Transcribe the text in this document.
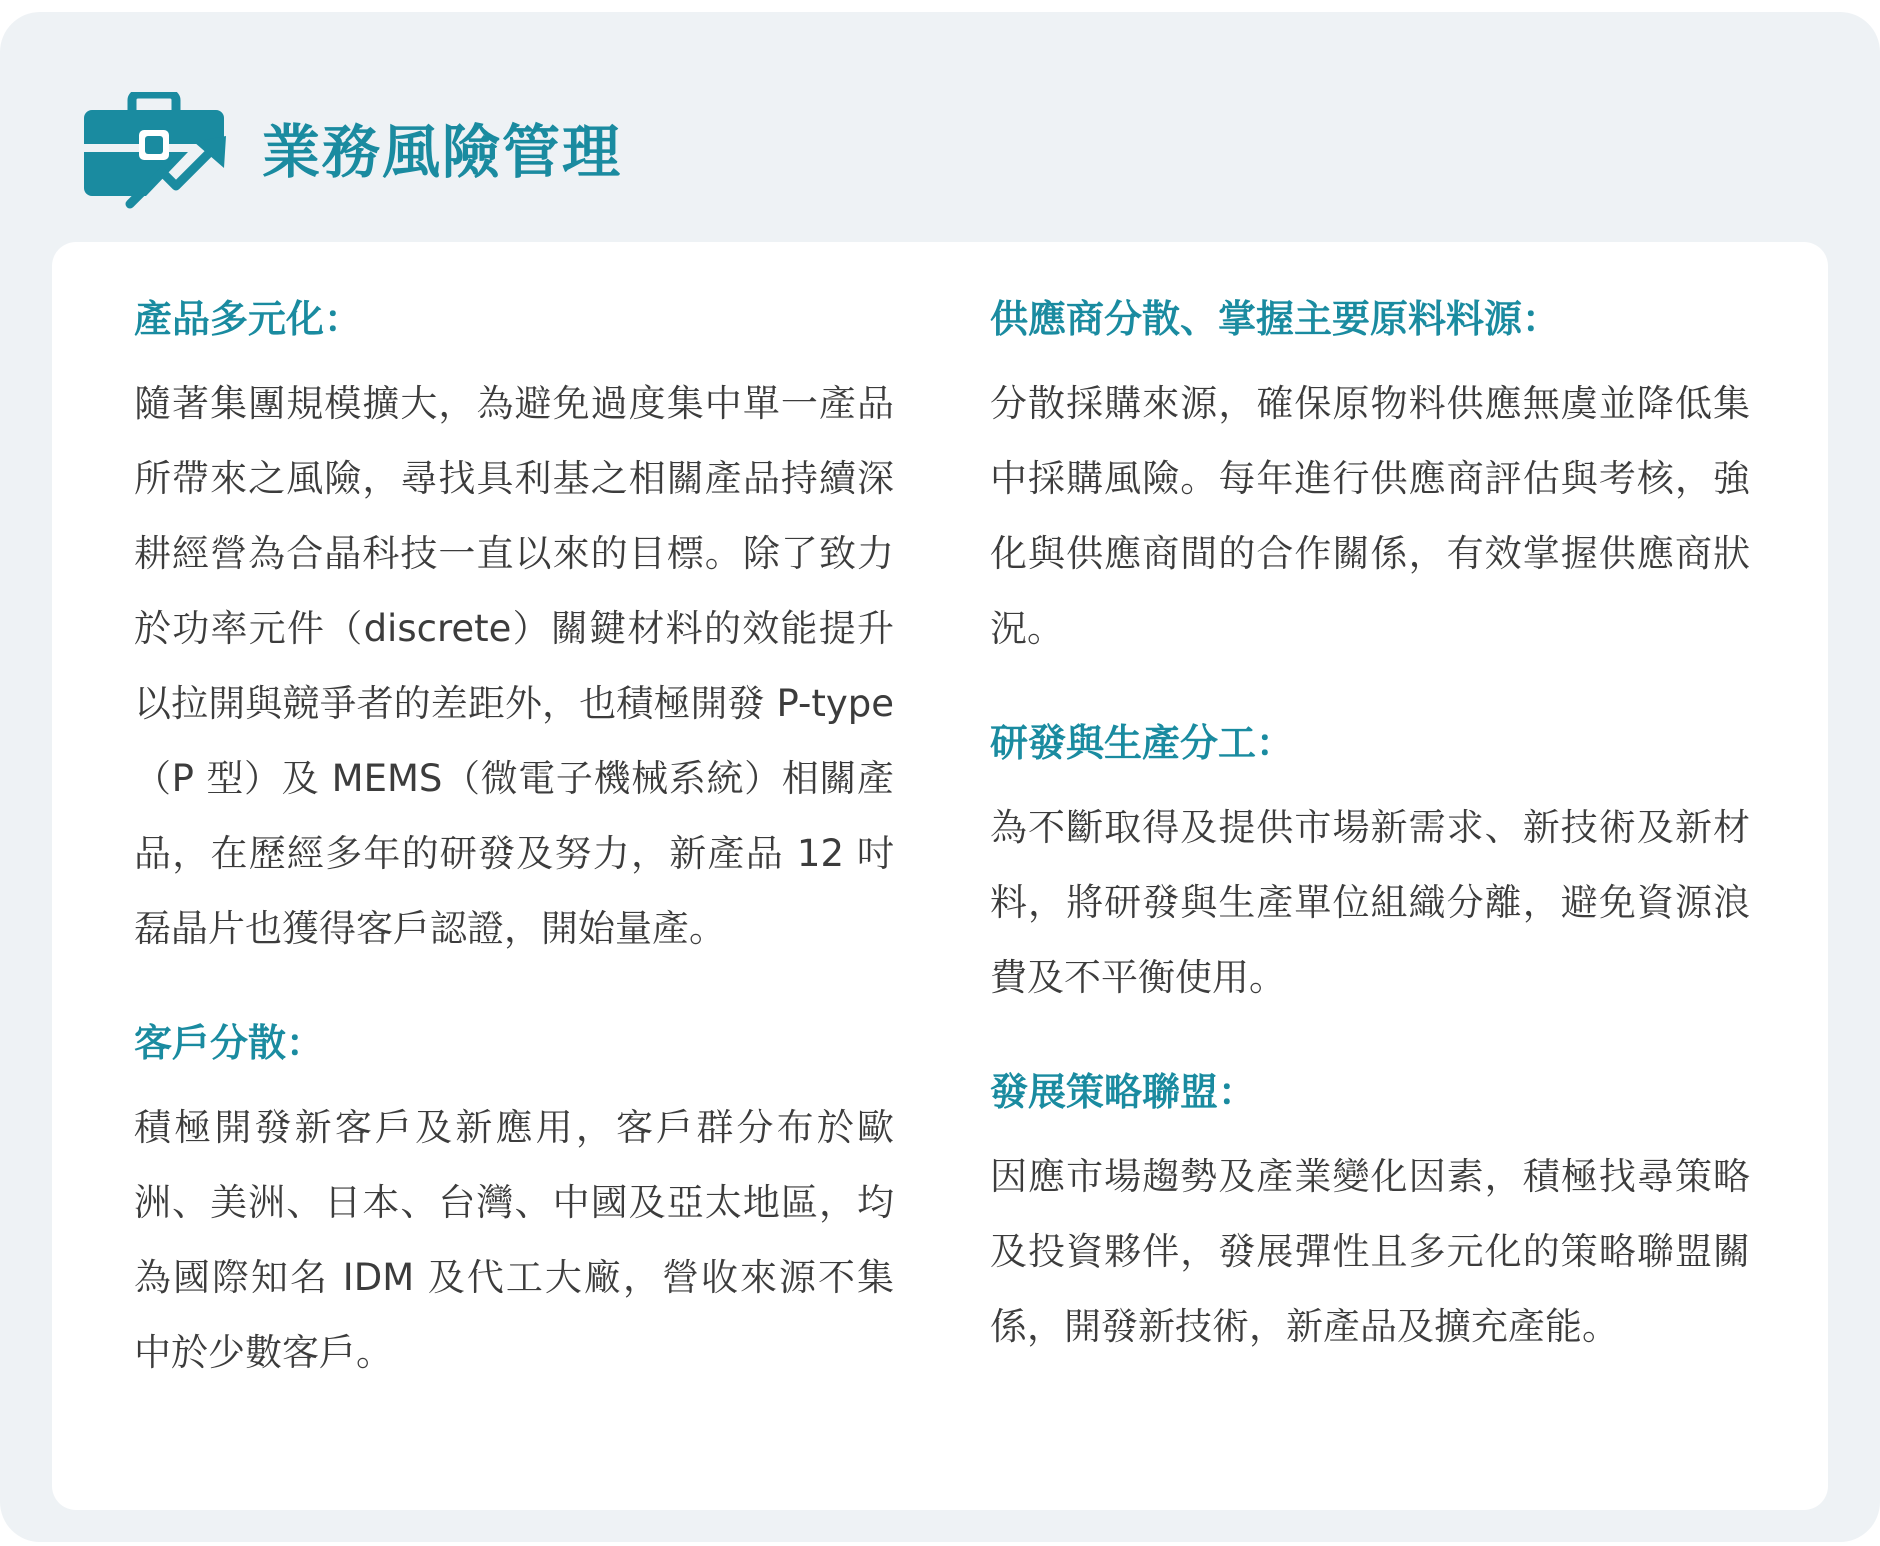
業務風險管理
產品多元化：

隨著集團規模擴大，為避免過度集中單一產品所帶來之風險，尋找具利基之相關產品持續深耕經營為合晶科技一直以來的目標。除了致力於功率元件（discrete）關鍵材料的效能提升以拉開與競爭者的差距外，也積極開發 P-type （P 型）及 MEMS（微電子機械系統）相關產品，在歷經多年的研發及努力，新產品 12 吋磊晶片也獲得客戶認證，開始量產。

客戶分散：

積極開發新客戶及新應用，客戶群分布於歐洲、美洲、日本、台灣、中國及亞太地區，均為國際知名 IDM 及代工大廠，營收來源不集中於少數客戶。

供應商分散、掌握主要原料料源：

分散採購來源，確保原物料供應無虞並降低集中採購風險。每年進行供應商評估與考核，強化與供應商間的合作關係，有效掌握供應商狀況。

研發與生產分工：

為不斷取得及提供市場新需求、新技術及新材料，將研發與生產單位組織分離，避免資源浪費及不平衡使用。

發展策略聯盟：

因應市場趨勢及產業變化因素，積極找尋策略及投資夥伴，發展彈性且多元化的策略聯盟關係，開發新技術，新產品及擴充產能。
